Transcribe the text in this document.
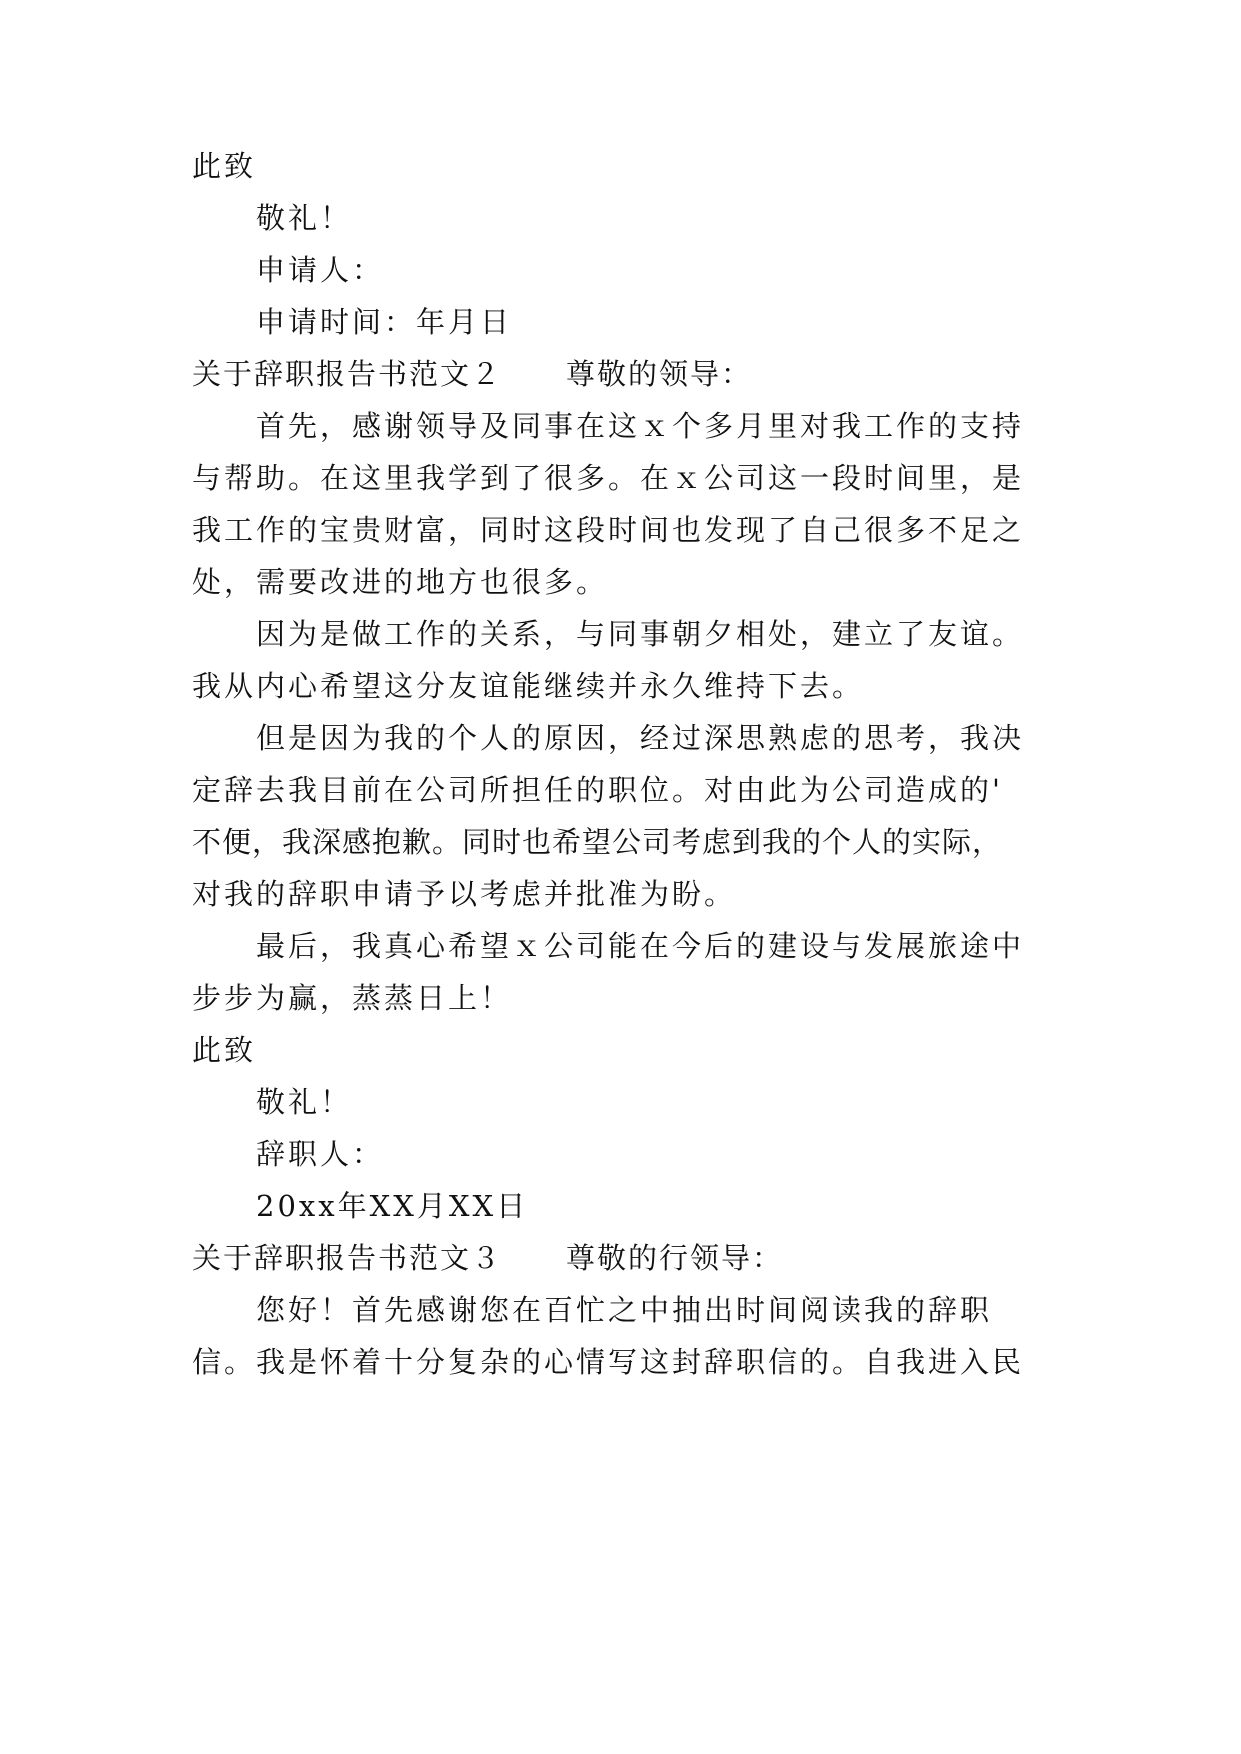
此致
敬礼！
申请人：
申请时间：年月日
关于辞职报告书范文２ 尊敬的领导：
首先，感谢领导及同事在这ｘ个多月里对我工作的支持
与帮助。在这里我学到了很多。在ｘ公司这一段时间里，是
我工作的宝贵财富，同时这段时间也发现了自己很多不足之
处，需要改进的地方也很多。
因为是做工作的关系，与同事朝夕相处，建立了友谊。
我从内心希望这分友谊能继续并永久维持下去。
但是因为我的个人的原因，经过深思熟虑的思考，我决
定辞去我目前在公司所担任的职位。对由此为公司造成的'
不便，我深感抱歉。同时也希望公司考虑到我的个人的实际，
对我的辞职申请予以考虑并批准为盼。
最后，我真心希望ｘ公司能在今后的建设与发展旅途中
步步为赢，蒸蒸日上！
此致
敬礼！
辞职人：
20xx年XX月XX日
关于辞职报告书范文３ 尊敬的行领导：
您好！首先感谢您在百忙之中抽出时间阅读我的辞职
信。我是怀着十分复杂的心情写这封辞职信的。自我进入民
